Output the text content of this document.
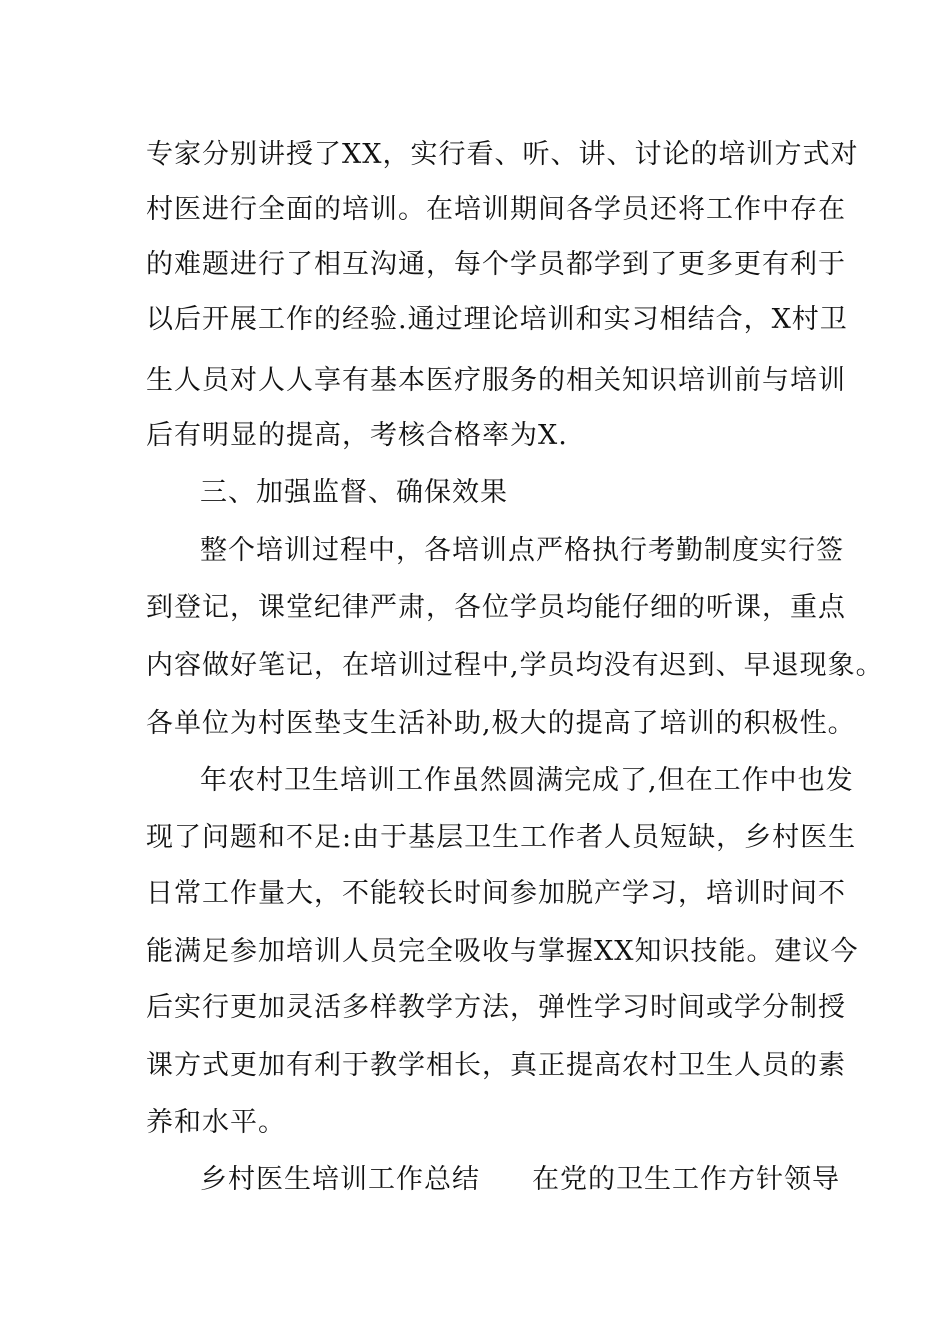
专家分别讲授了XX，实行看、听、讲、讨论的培训方式对
村医进行全面的培训。在培训期间各学员还将工作中存在
的难题进行了相互沟通，每个学员都学到了更多更有利于
以后开展工作的经验.通过理论培训和实习相结合，X村卫
生人员对人人享有基本医疗服务的相关知识培训前与培训
后有明显的提高，考核合格率为X.
三、加强监督、确保效果
整个培训过程中，各培训点严格执行考勤制度实行签
到登记，课堂纪律严肃，各位学员均能仔细的听课，重点
内容做好笔记，在培训过程中,学员均没有迟到、早退现象。
各单位为村医垫支生活补助,极大的提高了培训的积极性。
年农村卫生培训工作虽然圆满完成了,但在工作中也发
现了问题和不足:由于基层卫生工作者人员短缺，乡村医生
日常工作量大，不能较长时间参加脱产学习，培训时间不
能满足参加培训人员完全吸收与掌握XX知识技能。建议今
后实行更加灵活多样教学方法，弹性学习时间或学分制授
课方式更加有利于教学相长，真正提高农村卫生人员的素
养和水平。
乡村医生培训工作总结 在党的卫生工作方针领导
